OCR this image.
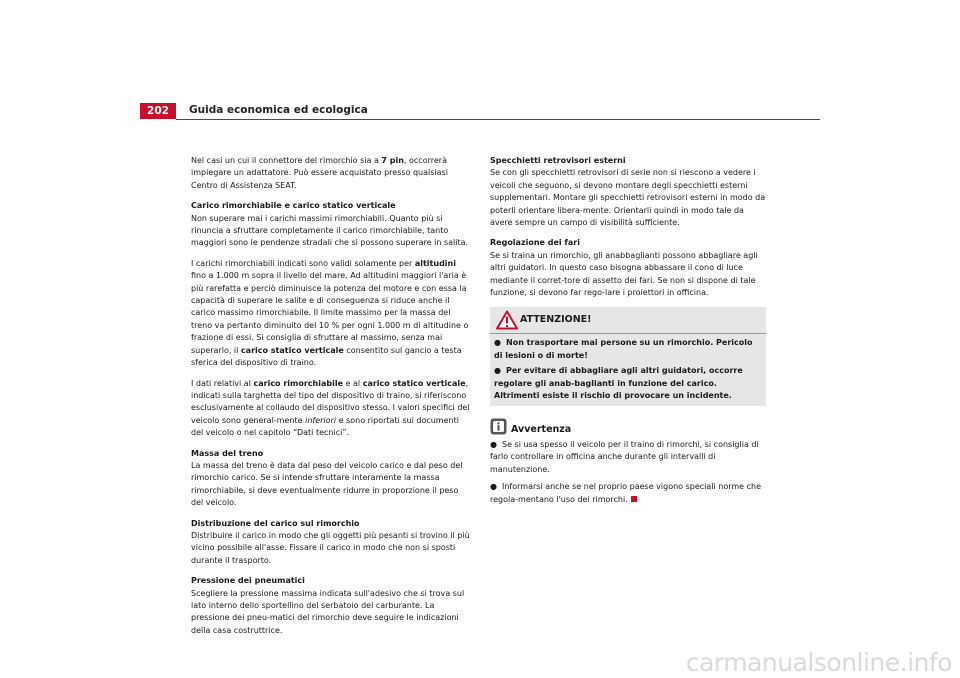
202	Guida economica ed ecologica

Nel casi un cui il connettore del rimorchio sia a 7 pin, occorrerà impiegare un adattatore. Può essere acquistato presso qualsiasi Centro di Assistenza SEAT.

Carico rimorchiabile e carico statico verticale

Non superare mai i carichi massimi rimorchiabili. Quanto più si rinuncia a sfruttare completamente il carico rimorchiabile, tanto maggiori sono le pendenze stradali che si possono superare in salita.

I carichi rimorchiabili indicati sono validi solamente per altitudini fino a 1.000 m sopra il livello del mare. Ad altitudini maggiori l'aria è più rarefatta e perciò diminuisce la potenza del motore e con essa la capacità di superare le salite e di conseguenza si riduce anche il carico massimo rimorchiabile. Il limite massimo per la massa del treno va pertanto diminuito del 10 % per ogni 1.000 m di altitudine o frazione di essi. Si consiglia di sfruttare al massimo, senza mai superarlo, il carico statico verticale consentito sul gancio a testa sferica del dispositivo di traino.

I dati relativi al carico rimorchiabile e al carico statico verticale, indicati sulla targhetta del tipo del dispositivo di traino, si riferiscono esclusivamente al collaudo del dispositivo stesso. I valori specifici del veicolo sono general-mente inferiori e sono riportati sui documenti del veicolo o nel capitolo “Dati tecnici”.

Massa del treno

La massa del treno è data dal peso del veicolo carico e dal peso del rimorchio carico. Se si intende sfruttare interamente la massa rimorchiabile, si deve eventualmente ridurre in proporzione il peso del veicolo.

Distribuzione del carico sul rimorchio

Distribuire il carico in modo che gli oggetti più pesanti si trovino il più vicino possibile all'asse. Fissare il carico in modo che non si sposti durante il trasporto.

Pressione dei pneumatici

Scegliere la pressione massima indicata sull'adesivo che si trova sul lato interno dello sportellino del serbatoio del carburante. La pressione dei pneu-matici del rimorchio deve seguire le indicazioni della casa costruttrice.

Specchietti retrovisori esterni

Se con gli specchietti retrovisori di serie non si riescono a vedere i veicoli che seguono, si devono montare degli specchietti esterni supplementari. Montare gli specchietti retrovisori esterni in modo da poterli orientare libera-mente. Orientarli quindi in modo tale da avere sempre un campo di visibilità sufficiente.

Regolazione dei fari

Se si traina un rimorchio, gli anabbaglianti possono abbagliare agli altri guidatori. In questo caso bisogna abbassare il cono di luce mediante il corret-tore di assetto dei fari. Se non si dispone di tale funzione, si devono far rego-lare i proiettori in officina.

ATTENZIONE!
● Non trasportare mai persone su un rimorchio. Pericolo di lesioni o di morte!
● Per evitare di abbagliare agli altri guidatori, occorre regolare gli anab-baglianti in funzione del carico. Altrimenti esiste il rischio di provocare un incidente.
Avvertenza

● Se si usa spesso il veicolo per il traino di rimorchi, si consiglia di farlo controllare in officina anche durante gli intervalli di manutenzione.

● Informarsi anche se nel proprio paese vigono speciali norme che regola-mentano l'uso dei rimorchi.

carmanualsonline.info
